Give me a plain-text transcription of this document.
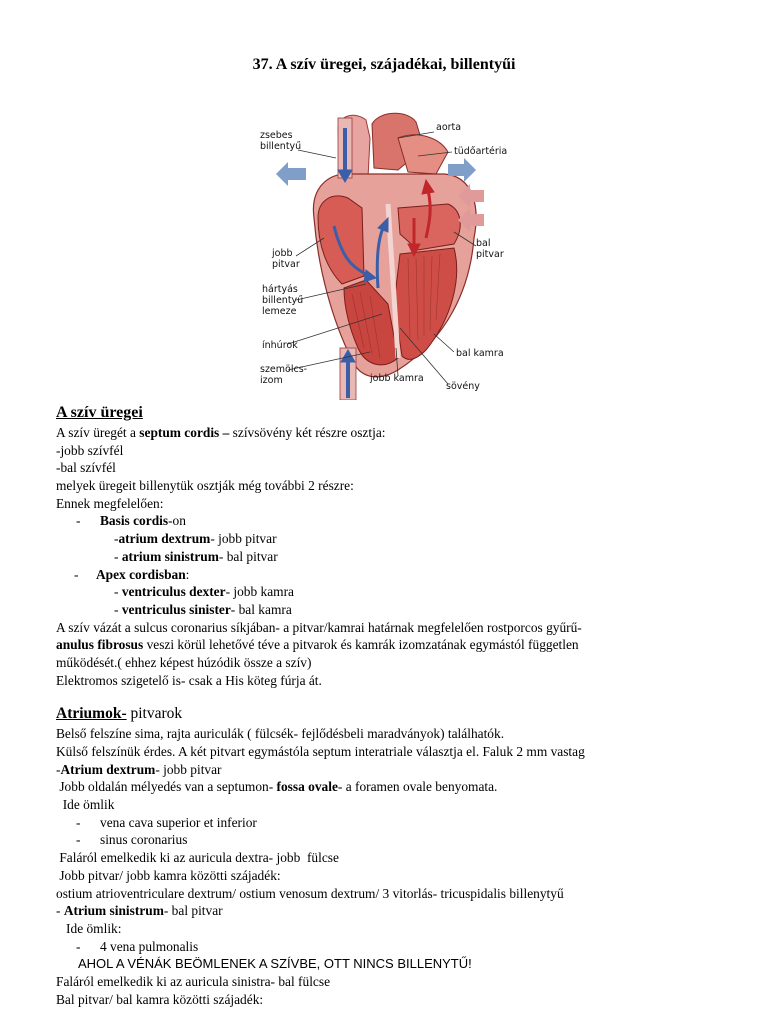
37. A szív üregei, szájadékai, billentyűi
zsebes billentyű
aorta
tüdőartéria
jobb pitvar
bal pitvar
hártyás billentyű lemeze
ínhúrok
szemölcs-izom	jobb kamra
bal kamra
sövény
A szív üregei
A szív üregét a septum cordis – szívsövény két részre osztja:
-jobb szívfél
-bal szívfél
melyek üregeit billenytük osztják még további 2 részre:
Ennek megfelelően:
- Basis cordis-on
-atrium dextrum- jobb pitvar
- atrium sinistrum- bal pitvar
- Apex cordisban:
- ventriculus dexter- jobb kamra
- ventriculus sinister- bal kamra
A szív vázát a sulcus coronarius síkjában- a pitvar/kamrai határnak megfelelően rostporcos gyűrű-
anulus fibrosus veszi körül lehetővé téve a pitvarok és kamrák izomzatának egymástól független
működését.( ehhez képest húzódik össze a szív)
Elektromos szigetelő is- csak a His köteg fúrja át.
Atriumok- pitvarok
Belső felszíne sima, rajta auriculák ( fülcsék- fejlődésbeli maradványok) találhatók.
Külső felszínük érdes. A két pitvart egymástóla septum interatriale választja el. Faluk 2 mm vastag
-Atrium dextrum- jobb pitvar
Jobb oldalán mélyedés van a septumon- fossa ovale- a foramen ovale benyomata.
Ide ömlik
- vena cava superior et inferior
- sinus coronarius
Faláról emelkedik ki az auricula dextra- jobb  fülcse
Jobb pitvar/ jobb kamra közötti szájadék:
ostium atrioventriculare dextrum/ ostium venosum dextrum/ 3 vitorlás- tricuspidalis billenytyű
- Atrium sinistrum- bal pitvar
Ide ömlik:
- 4 vena pulmonalis
AHOL A VÉNÁK BEÖMLENEK A SZÍVBE, OTT NINCS BILLENYTŰ!
Faláról emelkedik ki az auricula sinistra- bal fülcse
Bal pitvar/ bal kamra közötti szájadék:
